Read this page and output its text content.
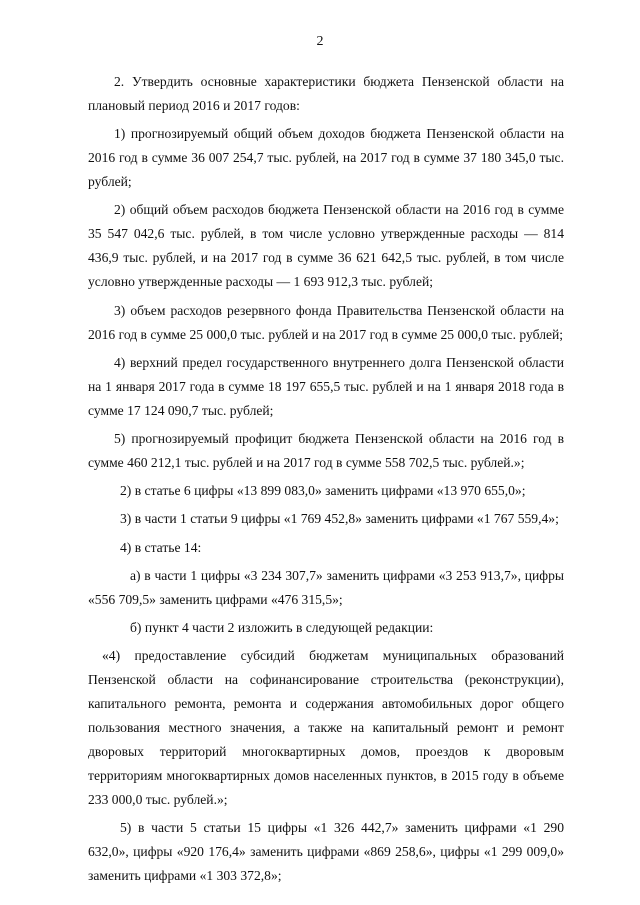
2

2. Утвердить основные характеристики бюджета Пензенской области на плановый период 2016 и 2017 годов:

1) прогнозируемый общий объем доходов бюджета Пензенской области на 2016 год в сумме 36 007 254,7 тыс. рублей, на 2017 год в сумме 37 180 345,0 тыс. рублей;

2) общий объем расходов бюджета Пензенской области на 2016 год в сумме 35 547 042,6 тыс. рублей, в том числе условно утвержденные расходы — 814 436,9 тыс. рублей, и на 2017 год в сумме 36 621 642,5 тыс. рублей, в том числе условно утвержденные расходы — 1 693 912,3 тыс. рублей;

3) объем расходов резервного фонда Правительства Пензенской области на 2016 год в сумме 25 000,0 тыс. рублей и на 2017 год в сумме 25 000,0 тыс. рублей;

4) верхний предел государственного внутреннего долга Пензенской области на 1 января 2017 года в сумме 18 197 655,5 тыс. рублей и на 1 января 2018 года в сумме 17 124 090,7 тыс. рублей;

5) прогнозируемый профицит бюджета Пензенской области на 2016 год в сумме 460 212,1 тыс. рублей и на 2017 год в сумме 558 702,5 тыс. рублей.»;

2) в статье 6 цифры «13 899 083,0» заменить цифрами «13 970 655,0»;

3) в части 1 статьи 9 цифры «1 769 452,8» заменить цифрами «1 767 559,4»;

4) в статье 14:

а) в части 1 цифры «3 234 307,7» заменить цифрами «3 253 913,7», цифры «556 709,5» заменить цифрами «476 315,5»;

б) пункт 4 части 2 изложить в следующей редакции:

«4) предоставление субсидий бюджетам муниципальных образований Пензенской области на софинансирование строительства (реконструкции), капитального ремонта, ремонта и содержания автомобильных дорог общего пользования местного значения, а также на капитальный ремонт и ремонт дворовых территорий многоквартирных домов, проездов к дворовым территориям многоквартирных домов населенных пунктов, в 2015 году в объеме 233 000,0 тыс. рублей.»;

5) в части 5 статьи 15 цифры «1 326 442,7» заменить цифрами «1 290 632,0», цифры «920 176,4» заменить цифрами «869 258,6», цифры «1 299 009,0» заменить цифрами «1 303 372,8»;
